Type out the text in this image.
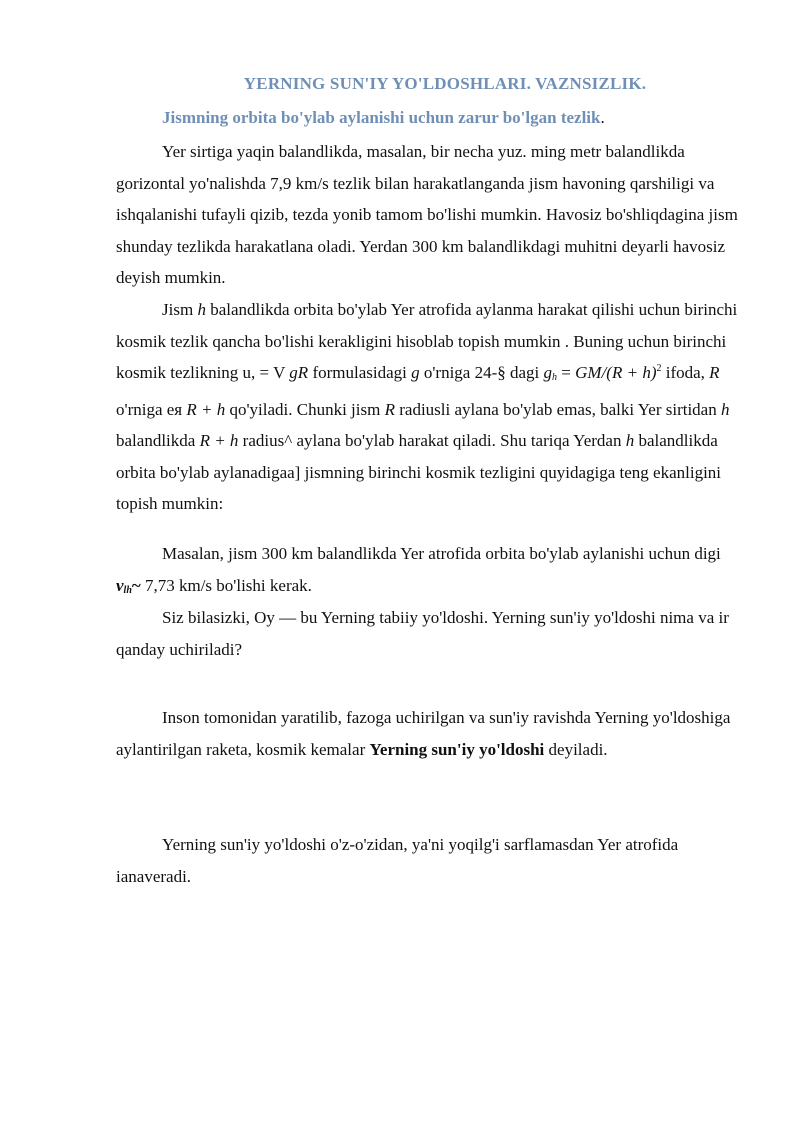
YERNING SUN'IY YO'LDOSHLARI. VAZNSIZLIK.
Jismning orbita bo'ylab aylanishi uchun zarur bo'lgan tezlik.

Yer sirtiga yaqin balandlikda, masalan, bir necha yuz. ming metr balandlikda gorizontal yo'nalishda 7,9 km/s tezlik bilan harakatlanganda jism havoning qarshiligi va ishqalanishi tufayli qizib, tezda yonib tamom bo'lishi mumkin. Havosiz bo'shliqdagina jism shunday tezlikda harakatlana oladi. Yerdan 300 km balandlikdagi muhitni deyarli havosiz deyish mumkin.

Jism h balandlikda orbita bo'ylab Yer atrofida aylanma harakat qilishi uchun birinchi kosmik tezlik qancha bo'lishi kerakligini hisoblab topish mumkin . Buning uchun birinchi kosmik tezlikning u, = V gR formulasidagi g o'rniga 24-§ dagi $g_h = GM/(R + h)^2$ ifoda, R o'rniga ея R + h qo'yiladi. Chunki jism R radiusli aylana bo'ylab emas, balki Yer sirtidan h balandlikda R + h radius^ aylana bo'ylab harakat qiladi. Shu tariqa Yerdan h balandlikda orbita bo'ylab aylanadigaa] jismning birinchi kosmik tezligini quyidagiga teng ekanligini topish mumkin:

Masalan, jism 300 km balandlikda Yer atrofida orbita bo'ylab aylanishi uchun digi $v_{lh}\sim$ 7,73 km/s bo'lishi kerak.

Siz bilasizki, Oy — bu Yerning tabiiy yo'ldoshi. Yerning sun'iy yo'ldoshi nima va ir qanday uchiriladi?

Inson tomonidan yaratilib, fazoga uchirilgan va sun'iy ravishda Yerning yo'ldoshiga aylantirilgan raketa, kosmik kemalar Yerning sun'iy yo'ldoshi deyiladi.

Yerning sun'iy yo'ldoshi o'z-o'zidan, ya'ni yoqilg'i sarflamasdan Yer atrofida ianaveradi.
